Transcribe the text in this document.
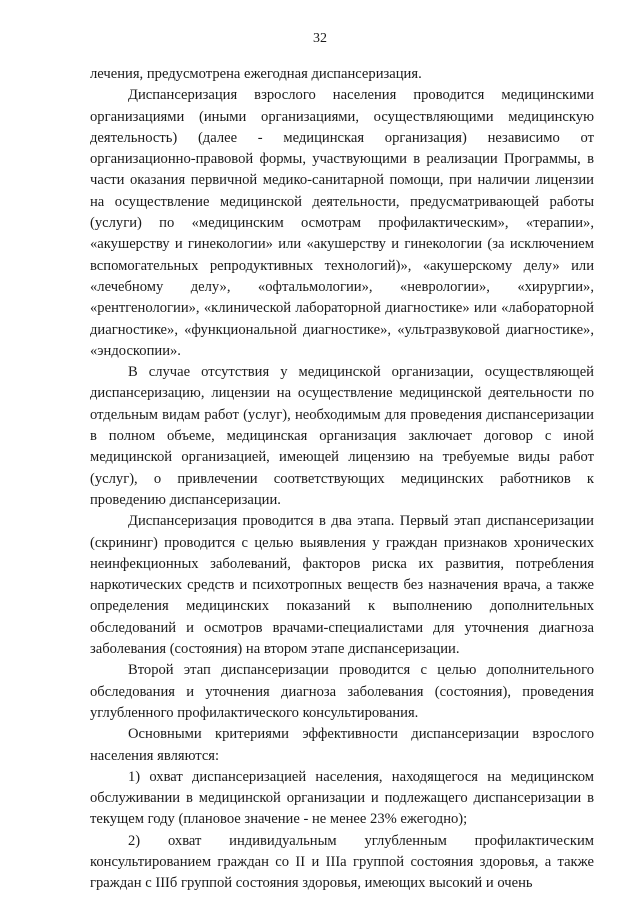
32

лечения, предусмотрена ежегодная диспансеризация.

Диспансеризация взрослого населения проводится медицинскими организациями (иными организациями, осуществляющими медицинскую деятельность) (далее - медицинская организация) независимо от организационно-правовой формы, участвующими в реализации Программы, в части оказания первичной медико-санитарной помощи, при наличии лицензии на осуществление медицинской деятельности, предусматривающей работы (услуги) по «медицинским осмотрам профилактическим», «терапии», «акушерству и гинекологии» или «акушерству и гинекологии (за исключением вспомогательных репродуктивных технологий)», «акушерскому делу» или «лечебному делу», «офтальмологии», «неврологии», «хирургии», «рентгенологии», «клинической лабораторной диагностике» или «лабораторной диагностике», «функциональной диагностике», «ультразвуковой диагностике», «эндоскопии».

В случае отсутствия у медицинской организации, осуществляющей диспансеризацию, лицензии на осуществление медицинской деятельности по отдельным видам работ (услуг), необходимым для проведения диспансеризации в полном объеме, медицинская организация заключает договор с иной медицинской организацией, имеющей лицензию на требуемые виды работ (услуг), о привлечении соответствующих медицинских работников к проведению диспансеризации.

Диспансеризация проводится в два этапа. Первый этап диспансеризации (скрининг) проводится с целью выявления у граждан признаков хронических неинфекционных заболеваний, факторов риска их развития, потребления наркотических средств и психотропных веществ без назначения врача, а также определения медицинских показаний к выполнению дополнительных обследований и осмотров врачами-специалистами для уточнения диагноза заболевания (состояния) на втором этапе диспансеризации.

Второй этап диспансеризации проводится с целью дополнительного обследования и уточнения диагноза заболевания (состояния), проведения углубленного профилактического консультирования.

Основными критериями эффективности диспансеризации взрослого населения являются:

1) охват диспансеризацией населения, находящегося на медицинском обслуживании в медицинской организации и подлежащего диспансеризации в текущем году (плановое значение - не менее 23% ежегодно);

2) охват индивидуальным углубленным профилактическим консультированием граждан со II и IIIа группой состояния здоровья, а также граждан с IIIб группой состояния здоровья, имеющих высокий и очень
